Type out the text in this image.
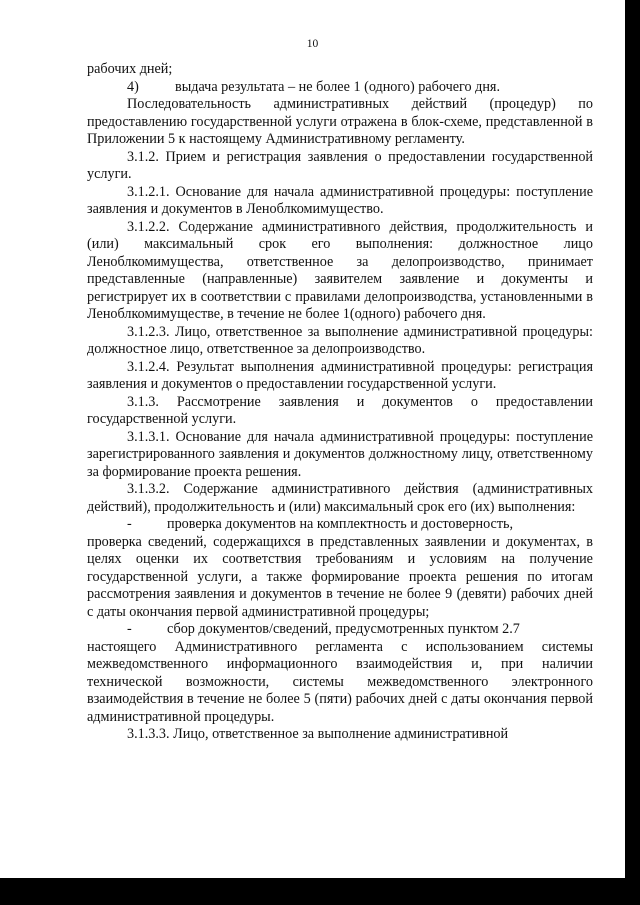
10

рабочих дней;

4)	выдача результата – не более 1 (одного) рабочего дня.

Последовательность административных действий (процедур) по предоставлению государственной услуги отражена в блок-схеме, представленной в Приложении 5 к настоящему Административному регламенту.

3.1.2. Прием и регистрация заявления о предоставлении государственной услуги.

3.1.2.1. Основание для начала административной процедуры: поступление заявления и документов в Леноблкомимущество.

3.1.2.2. Содержание административного действия, продолжительность и (или) максимальный срок его выполнения: должностное лицо Леноблкомимущества, ответственное за делопроизводство, принимает представленные (направленные) заявителем заявление и документы и регистрирует их в соответствии с правилами делопроизводства, установленными в Леноблкомимуществе, в течение не более 1(одного) рабочего дня.

3.1.2.3. Лицо, ответственное за выполнение административной процедуры: должностное лицо, ответственное за делопроизводство.

3.1.2.4. Результат выполнения административной процедуры: регистрация заявления и документов о предоставлении государственной услуги.

3.1.3. Рассмотрение заявления и документов о предоставлении государственной услуги.

3.1.3.1. Основание для начала административной процедуры: поступление зарегистрированного заявления и документов должностному лицу, ответственному за формирование проекта решения.

3.1.3.2. Содержание административного действия (административных действий), продолжительность и (или) максимальный срок его (их) выполнения:

-	проверка документов на комплектность и достоверность,

проверка сведений, содержащихся в представленных заявлении и документах, в целях оценки их соответствия требованиям и условиям на получение государственной услуги, а также формирование проекта решения по итогам рассмотрения заявления и документов в течение не более 9 (девяти) рабочих дней с даты окончания первой административной процедуры;

-	сбор документов/сведений, предусмотренных пунктом 2.7

настоящего Административного регламента с использованием системы межведомственного информационного взаимодействия и, при наличии технической возможности, системы межведомственного электронного взаимодействия в течение не более 5 (пяти) рабочих дней с даты окончания первой административной процедуры.

3.1.3.3. Лицо, ответственное за выполнение административной
